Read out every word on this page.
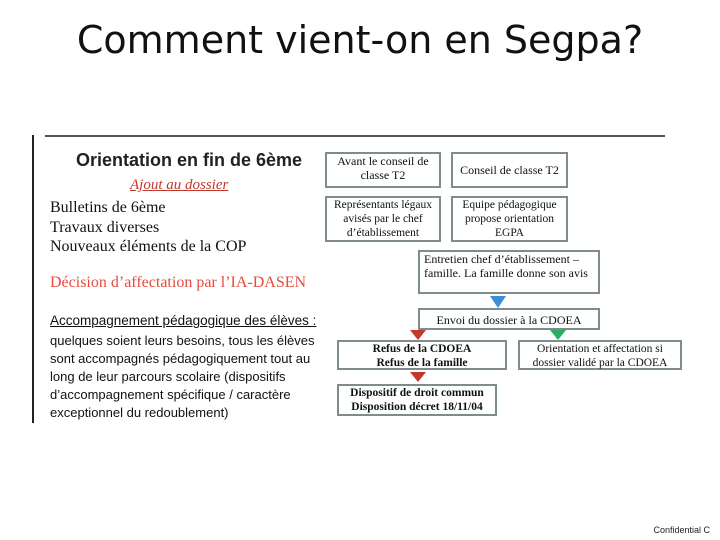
Comment vient-on en Segpa?
Orientation en fin de 6ème
Ajout au dossier
Bulletins de 6ème
Travaux diverses
Nouveaux éléments de la COP
Décision d’affectation par l’IA-DASEN
Accompagnement pédagogique des élèves :
quelques soient leurs besoins, tous les élèves
sont accompagnés pédagogiquement tout au
long de leur parcours scolaire (dispositifs
d’accompagnement spécifique / caractère
exceptionnel du redoublement)
Avant le conseil de classe T2	Conseil de classe T2
Représentants légaux avisés par le chef d’établissement
Equipe pédagogique propose orientation EGPA
Entretien chef d’établissement – famille. La famille donne son avis
Envoi du dossier à la CDOEA
Refus de la CDOEA
Refus de la famille
Orientation et affectation si dossier validé par la CDOEA
Dispositif de droit commun
Disposition décret 18/11/04
Confidential C
